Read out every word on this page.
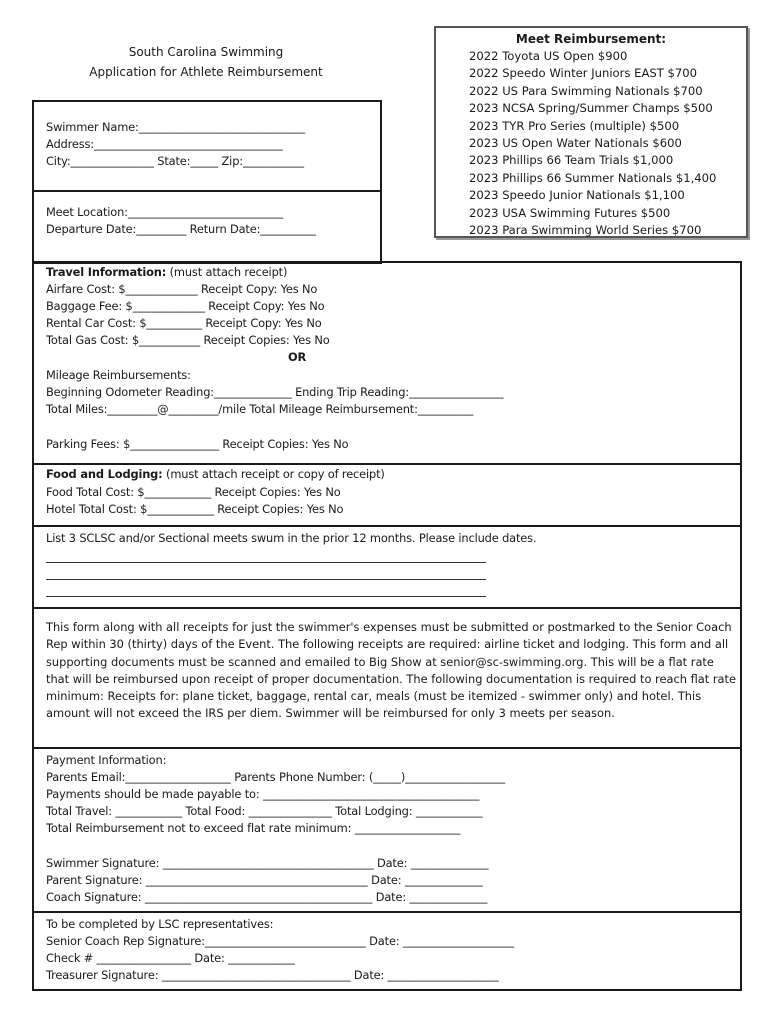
South Carolina Swimming
Application for Athlete Reimbursement
Meet Reimbursement:
2022 Toyota US Open $900
2022 Speedo Winter Juniors EAST $700
2022 US Para Swimming Nationals $700
2023 NCSA Spring/Summer Champs $500
2023 TYR Pro Series (multiple) $500
2023 US Open Water Nationals $600
2023 Phillips 66 Team Trials $1,000
2023 Phillips 66 Summer Nationals $1,400
2023 Speedo Junior Nationals $1,100
2023 USA Swimming Futures $500
2023 Para Swimming World Series $700
Swimmer Name:______________________________
Address:__________________________________
City:_______________ State:_____ Zip:___________
Meet Location:____________________________
Departure Date:_________ Return Date:__________
Travel Information: (must attach receipt)
Airfare Cost: $_____________ Receipt Copy: Yes No
Baggage Fee: $_____________ Receipt Copy: Yes No
Rental Car Cost: $__________ Receipt Copy: Yes No
Total Gas Cost: $___________ Receipt Copies: Yes No
OR
Mileage Reimbursements:
Beginning Odometer Reading:______________ Ending Trip Reading:_________________
Total Miles:_________@_________/mile Total Mileage Reimbursement:__________
Parking Fees: $________________ Receipt Copies: Yes No
Food and Lodging: (must attach receipt or copy of receipt)
Food Total Cost: $____________ Receipt Copies: Yes No
Hotel Total Cost: $____________ Receipt Copies: Yes No
List 3 SCLSC and/or Sectional meets swum in the prior 12 months. Please include dates.
This form along with all receipts for just the swimmer's expenses must be submitted or postmarked to the Senior Coach Rep within 30 (thirty) days of the Event. The following receipts are required: airline ticket and lodging. This form and all supporting documents must be scanned and emailed to Big Show at senior@sc-swimming.org. This will be a flat rate that will be reimbursed upon receipt of proper documentation. The following documentation is required to reach flat rate minimum: Receipts for: plane ticket, baggage, rental car, meals (must be itemized - swimmer only) and hotel. This amount will not exceed the IRS per diem. Swimmer will be reimbursed for only 3 meets per season.
Payment Information:
Parents Email:___________________ Parents Phone Number: (_____)__________________
Payments should be made payable to: _______________________________________
Total Travel: ____________ Total Food: _______________ Total Lodging: ____________
Total Reimbursement not to exceed flat rate minimum: ___________________
Swimmer Signature: ______________________________________ Date: ______________
Parent Signature: ________________________________________ Date: ______________
Coach Signature: _________________________________________ Date: ______________
To be completed by LSC representatives:
Senior Coach Rep Signature:_____________________________ Date: ____________________
Check # _________________ Date: ____________
Treasurer Signature: __________________________________ Date: ____________________
